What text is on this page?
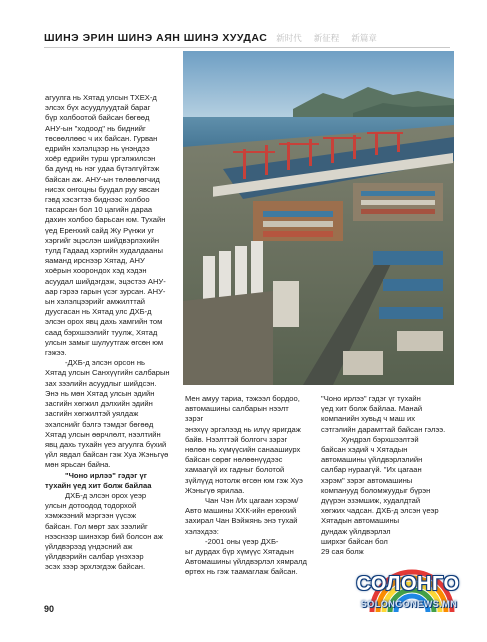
ШИНЭ ЭРИН ШИНЭ АЯН ШИНЭ ХУУДАС 新时代 新征程 新篇章

агуулга нь Хятад улсын ТХЕХ-д
элсэх бүх асуудлуудтай бараг
бүр холбоотой байсан бөгөөд
АНУ-ын "ходоод" нь биднийг
төсөөллөөс ч их байсан. Гурван
едрийн хэлэлцээр нь үнэндээ
хоёр едрийн турш үргэлжилсэн
ба дунд нь нэг удаа бүтэлгүйтэж
байсан аж. АНУ-ын төлөөлөгчид
нисэх онгоцны буудал руу явсан
гэвд хэсэгтээ биднээс холбоо
тасарсан бол 10 цагийн дараа
дахин холбоо барьсан юм. Тухайн
үед Еренхий сайд Жу Рүнжи уг
хэргийг эцэслэн шийдвэрлэхийн
тулд Гадаад хэргийн худалдааны
яаманд ирснээр Хятад, АНУ
хоёрын хоорондох хэд хэдэн
асуудал шийдэгдэж, эцэстээ АНУ-
аар гэрээ гарын үсэг зурсан. АНУ-
ын хэлэлцээрийг амжилттай
дуусгасан нь Хятад улс ДХБ-д
элсэн орох явц дахь хамгийн том
саад бэрхшээлийг туулж, Хятад
улсын замыг шулуутгаж өгсөн юм
гэжээ.

-ДХБ-д элсэн орсон нь
Хятад улсын Санхүүгийн салбарын
зах зээлийн асуудлыг шийдсэн.
Энэ нь мөн Хятад улсын эдийн
засгийн хөгжил дэлхийн эдийн
засгийн хөгжилтэй уялдаж
эхэлснийг бэлгэ тэмдэг бөгөөд
Хятад улсын өөрчлөлт, нээлтийн
явц дахь тухайн үеэ агуулга бүхий
үйл явдал байсан гэж Хуа Жэньгүө
мөн ярьсан байна.

"Чоно ирлээ" гэдэг үг
тухайн үед хит болж байлаа

ДХБ-д элсэн орох үеэр
улсын дотоодод тодорхой
хэмжээний мэргээн үүсэж
байсан. Гол мөрт зах зээлийг
нээснээр шинэхэр бий болсон аж
үйлдвэрээд үндэсний аж
үйлдвэрийн салбар үнэхээр
эсэх зээр эрхлэгдэж байсан.

Мен амуу тариа, тэжээл бордоо,
автомашины салбарын нээлт зэрэг
энэхүү эргэлээд нь илүү яригдаж
байв. Нээлттэй болгогч зэрэг
нөлөө нь хүмүүсийн санаашиурх
байсан сөрөг нөлөөнүүдээс
хамаагүй их гадныг болотой
зүйлүүд нотолж өгсөн юм гэж Хуэ
Жэньгүө ярилаа.

Чан Чэн /Их цагаан хэрэм/
Авто машины ХХК-ийн ерөнхий
захирал Чан Вэйжянь энэ тухай
хэлэхдээ:

-2001 оны үеэр ДХБ-
ыг дурдах бүр хүмүүс Хятадын
Автомашины үйлдвэрлэл хямралд
өртөх нь гэж таамаглаж байсан.

"Чоно ирлээ" гэдэг үг тухайн
үед хит болж байлаа. Манай
компанийн хувьд ч маш их
сэтгэлийн дарамттай байсан гэлээ.

Хундрэл бэрхшээлтэй
байсан хэдий ч Хятадын
автомашины үйлдвэрлэлийн
салбар нураагүй. "Их цагаан
хэрэм" зэрэг автомашины
компанууд боломжуудыг бүрэн
дүүрэн эзэмшиж, худалдтай
хөгжих чадсан. ДХБ-д элсэн үеэр
Хятадын автомашины
дундаж үйлдвэрлэл
ширхэг байсан бол
29 сая болж

90
СОЛОНГО
SOLONGONEWS.MN
